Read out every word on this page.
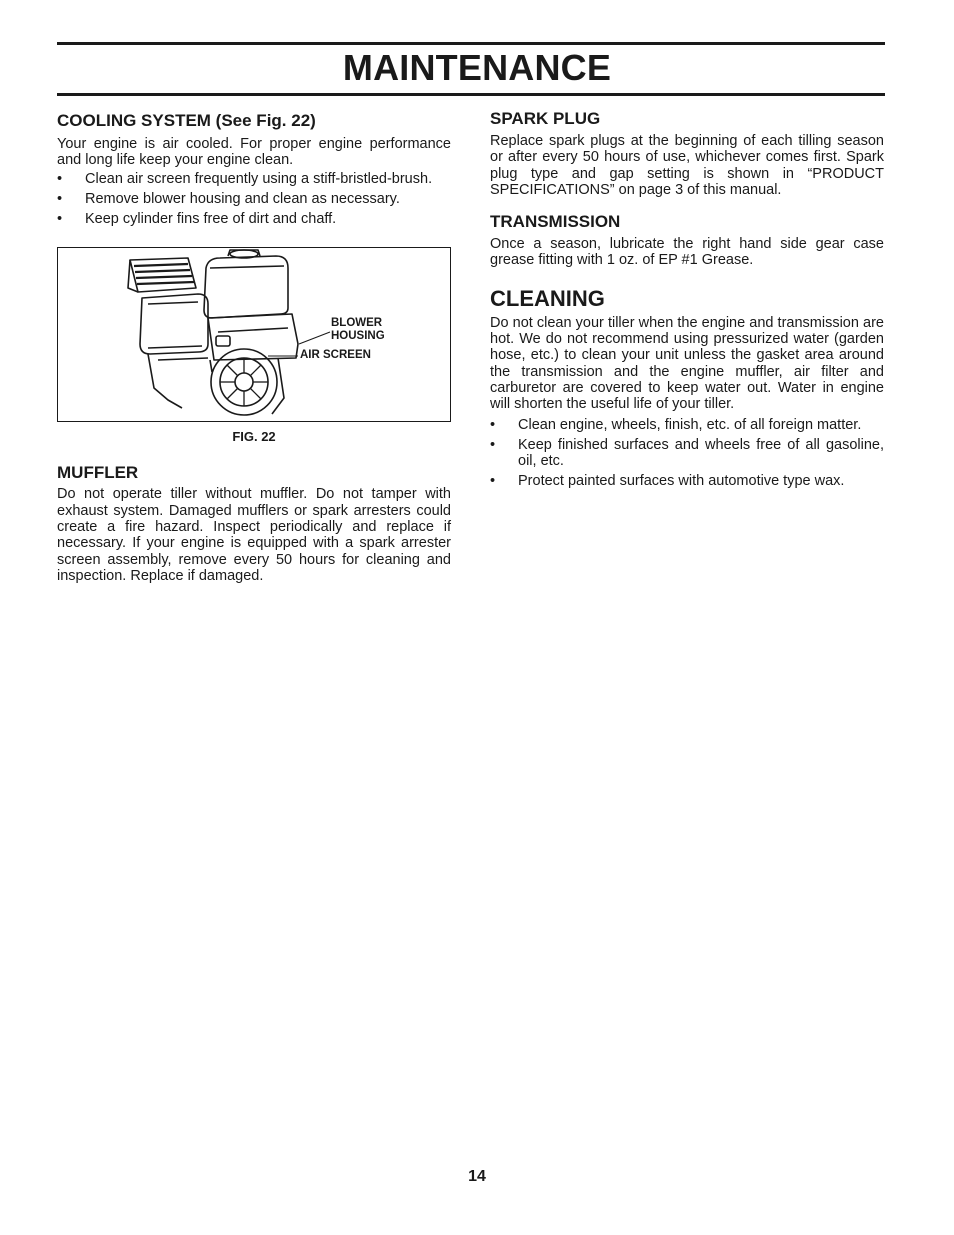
MAINTENANCE
COOLING SYSTEM (See Fig. 22)

Your engine is air cooled. For proper engine performance and long life keep your engine clean.

• Clean air screen frequently using a stiff-bristled-brush.
• Remove blower housing and clean as necessary.
• Keep cylinder fins free of dirt and chaff.
BLOWER HOUSING
AIR SCREEN
FIG. 22
MUFFLER

Do not operate tiller without muffler. Do not tamper with exhaust system. Damaged mufflers or spark arresters could create a fire hazard. Inspect periodically and replace if necessary. If your engine is equipped with a spark arrester screen assembly, remove every 50 hours for cleaning and inspection. Replace if damaged.

SPARK PLUG

Replace spark plugs at the beginning of each tilling season or after every 50 hours of use, whichever comes first. Spark plug type and gap setting is shown in “PRODUCT SPECIFICATIONS” on page 3 of this manual.

TRANSMISSION

Once a season, lubricate the right hand side gear case grease fitting with 1 oz. of EP #1 Grease.

CLEANING

Do not clean your tiller when the engine and transmission are hot. We do not recommend using pressurized water (garden hose, etc.) to clean your unit unless the gasket area around the transmission and the engine muffler, air filter and carburetor are covered to keep water out. Water in engine will shorten the useful life of your tiller.

• Clean engine, wheels, finish, etc. of all foreign matter.
• Keep finished surfaces and wheels free of all gasoline, oil, etc.
• Protect painted surfaces with automotive type wax.
14
